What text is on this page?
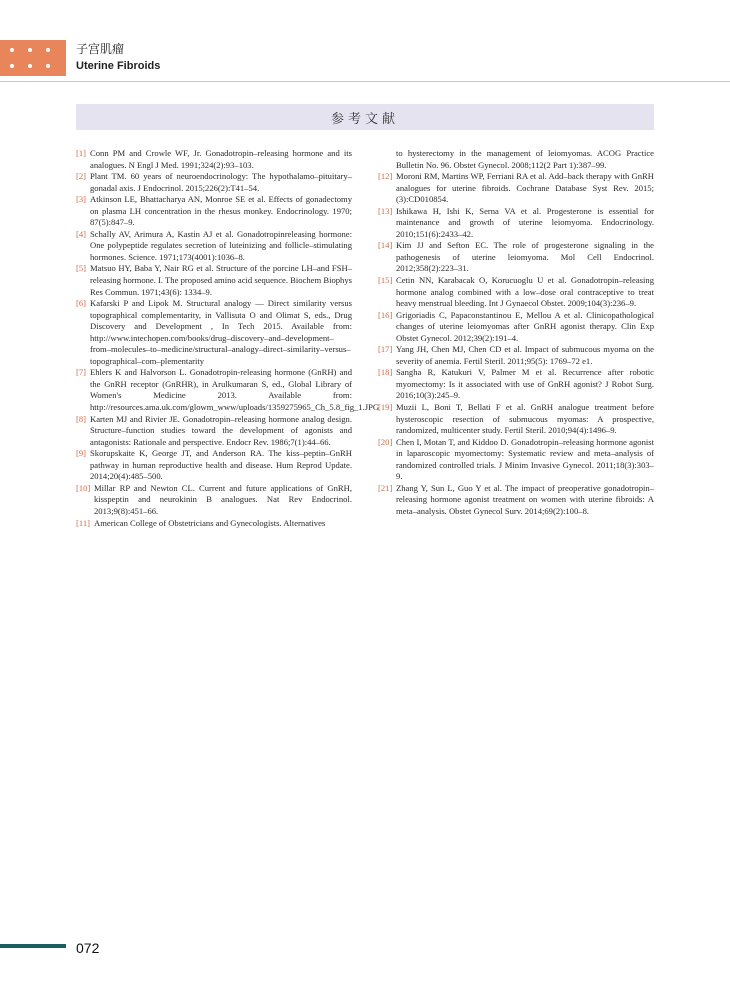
子宫肌瘤
Uterine Fibroids
参考文献
[1] Conn PM and Crowle WF, Jr. Gonadotropin–releasing hormone and its analogues. N Engl J Med. 1991;324(2):93–103.
[2] Plant TM. 60 years of neuroendocrinology: The hypothalamo–pituitary–gonadal axis. J Endocrinol. 2015;226(2):T41–54.
[3] Atkinson LE, Bhattacharya AN, Monroe SE et al. Effects of gonadectomy on plasma LH concentration in the rhesus monkey. Endocrinology. 1970; 87(5):847–9.
[4] Schally AV, Arimura A, Kastin AJ et al. Gonadotropinreleasing hormone: One polypeptide regulates secretion of luteinizing and follicle–stimulating hormones. Science. 1971;173(4001):1036–8.
[5] Matsuo HY, Baba Y, Nair RG et al. Structure of the porcine LH–and FSH–releasing hormone. I. The proposed amino acid sequence. Biochem Biophys Res Commun. 1971;43(6): 1334–9.
[6] Kafarski P and Lipok M. Structural analogy — Direct similarity versus topographical complementarity, in Vallisuta O and Olimat S, eds., Drug Discovery and Development , In Tech 2015. Available from: http://www.intechopen.com/books/drug–discovery–and–development–from–molecules–to–medicine/structural–analogy–direct–similarity–versus–topographical–com–plementarity
[7] Ehlers K and Halvorson L. Gonadotropin-releasing hormone (GnRH) and the GnRH receptor (GnRHR), in Arulkumaran S, ed., Global Library of Women's Medicine 2013. Available from: http://resources.ama.uk.com/glowm_www/uploads/1359275965_Ch_5.8_fig_1.JPG
[8] Karten MJ and Rivier JE. Gonadotropin–releasing hormone analog design. Structure–function studies toward the development of agonists and antagonists: Rationale and perspective. Endocr Rev. 1986;7(1):44–66.
[9] Skorupskaite K, George JT, and Anderson RA. The kiss–peptin–GnRH pathway in human reproductive health and disease. Hum Reprod Update. 2014;20(4):485–500.
[10] Millar RP and Newton CL. Current and future applications of GnRH, kisspeptin and neurokinin B analogues. Nat Rev Endocrinol. 2013;9(8):451–66.
[11] American College of Obstetricians and Gynecologists. Alternatives
to hysterectomy in the management of leiomyomas. ACOG Practice Bulletin No. 96. Obstet Gynecol. 2008;112(2 Part 1):387–99.
[12] Moroni RM, Martins WP, Ferriani RA et al. Add–back therapy with GnRH analogues for uterine fibroids. Cochrane Database Syst Rev. 2015;(3):CD010854.
[13] Ishikawa H, Ishi K, Serna VA et al. Progesterone is essential for maintenance and growth of uterine leiomyoma. Endocrinology. 2010;151(6):2433–42.
[14] Kim JJ and Sefton EC. The role of progesterone signaling in the pathogenesis of uterine leiomyoma. Mol Cell Endocrinol. 2012;358(2):223–31.
[15] Cetin NN, Karabacak O, Korucuoglu U et al. Gonadotropin–releasing hormone analog combined with a low–dose oral contraceptive to treat heavy menstrual bleeding. Int J Gynaecol Obstet. 2009;104(3):236–9.
[16] Grigoriadis C, Papaconstantinou E, Mellou A et al. Clinicopathological changes of uterine leiomyomas after GnRH agonist therapy. Clin Exp Obstet Gynecol. 2012;39(2):191–4.
[17] Yang JH, Chen MJ, Chen CD et al. Impact of submucous myoma on the severity of anemia. Fertil Steril. 2011;95(5): 1769–72 e1.
[18] Sangha R, Katukuri V, Palmer M et al. Recurrence after robotic myomectomy: Is it associated with use of GnRH agonist? J Robot Surg. 2016;10(3):245–9.
[19] Muzii L, Boni T, Bellati F et al. GnRH analogue treatment before hysteroscopic resection of submucous myomas: A prospective, randomized, multicenter study. Fertil Steril. 2010;94(4):1496–9.
[20] Chen I, Motan T, and Kiddoo D. Gonadotropin–releasing hormone agonist in laparoscopic myomectomy: Systematic review and meta–analysis of randomized controlled trials. J Minim Invasive Gynecol. 2011;18(3):303–9.
[21] Zhang Y, Sun L, Guo Y et al. The impact of preoperative gonadotropin–releasing hormone agonist treatment on women with uterine fibroids: A meta–analysis. Obstet Gynecol Surv. 2014;69(2):100–8.
072
